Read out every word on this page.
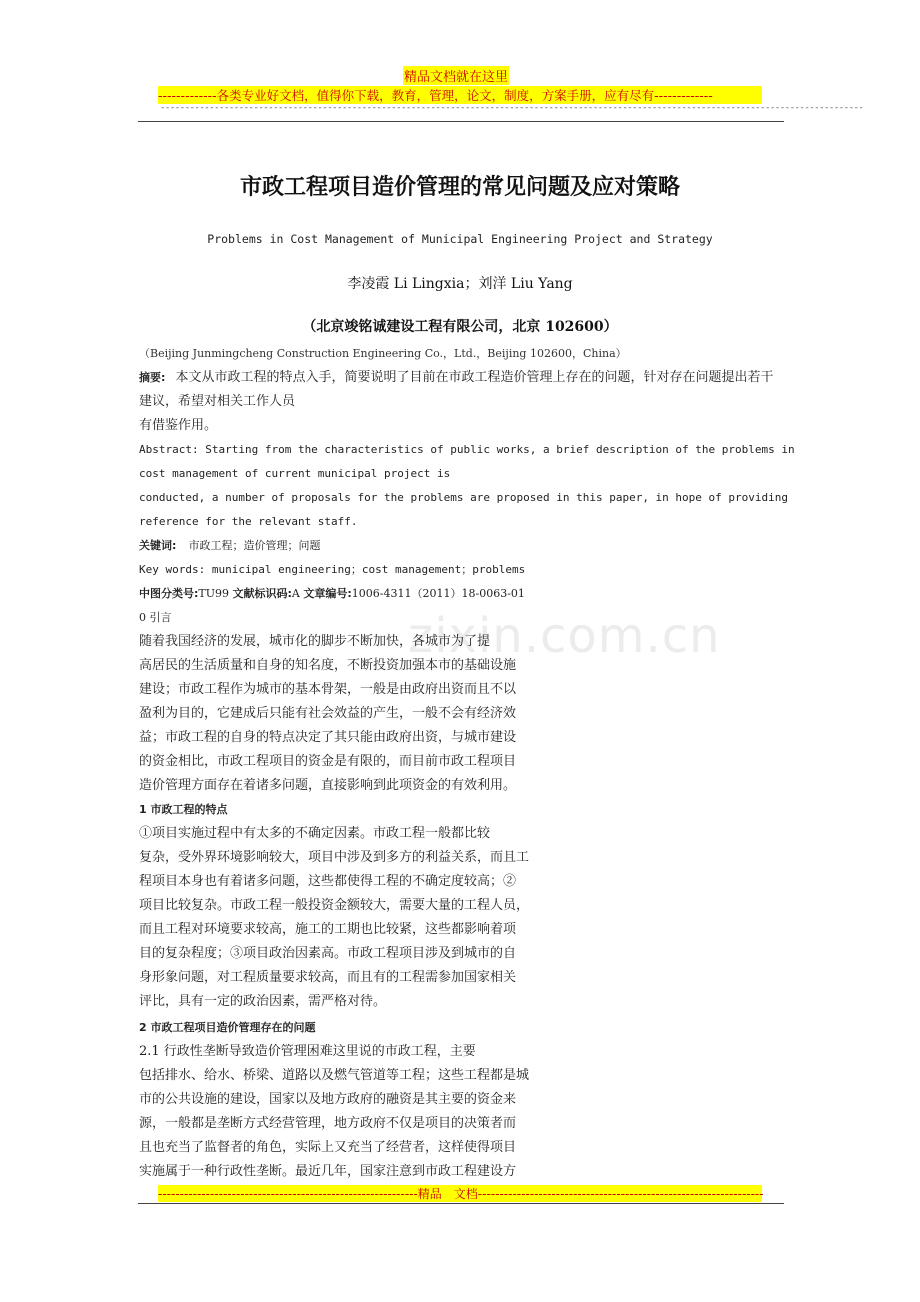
精品文档就在这里
-------------各类专业好文档，值得你下载，教育，管理，论文，制度，方案手册，应有尽有-------------
-----------------------------------------------------------------------------------------------------------------------------------------------
zixin.com.cn
市政工程项目造价管理的常见问题及应对策略
Problems in Cost Management of Municipal Engineering Project and Strategy
李凌霞 Li Lingxia；刘洋 Liu Yang
（北京竣铭诚建设工程有限公司，北京 102600）
（Beijing Junmingcheng Construction Engineering Co.，Ltd.，Beijing 102600，China）
摘要: 本文从市政工程的特点入手，简要说明了目前在市政工程造价管理上存在的问题，针对存在问题提出若干
建议，希望对相关工作人员
有借鉴作用。
Abstract: Starting from the characteristics of public works, a brief description of the problems in
cost management of current municipal project is
conducted, a number of proposals for the problems are proposed in this paper, in hope of providing
reference for the relevant staff.
关键词: 市政工程；造价管理；问题
Key words: municipal engineering；cost management；problems
中图分类号:TU99 文献标识码:A 文章编号:1006-4311（2011）18-0063-01
0 引言
随着我国经济的发展，城市化的脚步不断加快，各城市为了提
高居民的生活质量和自身的知名度，不断投资加强本市的基础设施
建设；市政工程作为城市的基本骨架，一般是由政府出资而且不以
盈利为目的，它建成后只能有社会效益的产生，一般不会有经济效
益；市政工程的自身的特点决定了其只能由政府出资，与城市建设
的资金相比，市政工程项目的资金是有限的，而目前市政工程项目
造价管理方面存在着诸多问题，直接影响到此项资金的有效利用。
1 市政工程的特点
①项目实施过程中有太多的不确定因素。市政工程一般都比较
复杂，受外界环境影响较大，项目中涉及到多方的利益关系，而且工
程项目本身也有着诸多问题，这些都使得工程的不确定度较高；②
项目比较复杂。市政工程一般投资金额较大，需要大量的工程人员，
而且工程对环境要求较高，施工的工期也比较紧，这些都影响着项
目的复杂程度；③项目政治因素高。市政工程项目涉及到城市的自
身形象问题，对工程质量要求较高，而且有的工程需参加国家相关
评比，具有一定的政治因素，需严格对待。
2 市政工程项目造价管理存在的问题
2.1 行政性垄断导致造价管理困难这里说的市政工程，主要
包括排水、给水、桥梁、道路以及燃气管道等工程；这些工程都是城
市的公共设施的建设，国家以及地方政府的融资是其主要的资金来
源，一般都是垄断方式经营管理，地方政府不仅是项目的决策者而
且也充当了监督者的角色，实际上又充当了经营者，这样使得项目
实施属于一种行政性垄断。最近几年，国家注意到市政工程建设方
------------------------------------------------------------精品　文档------------------------------------------------------------------
